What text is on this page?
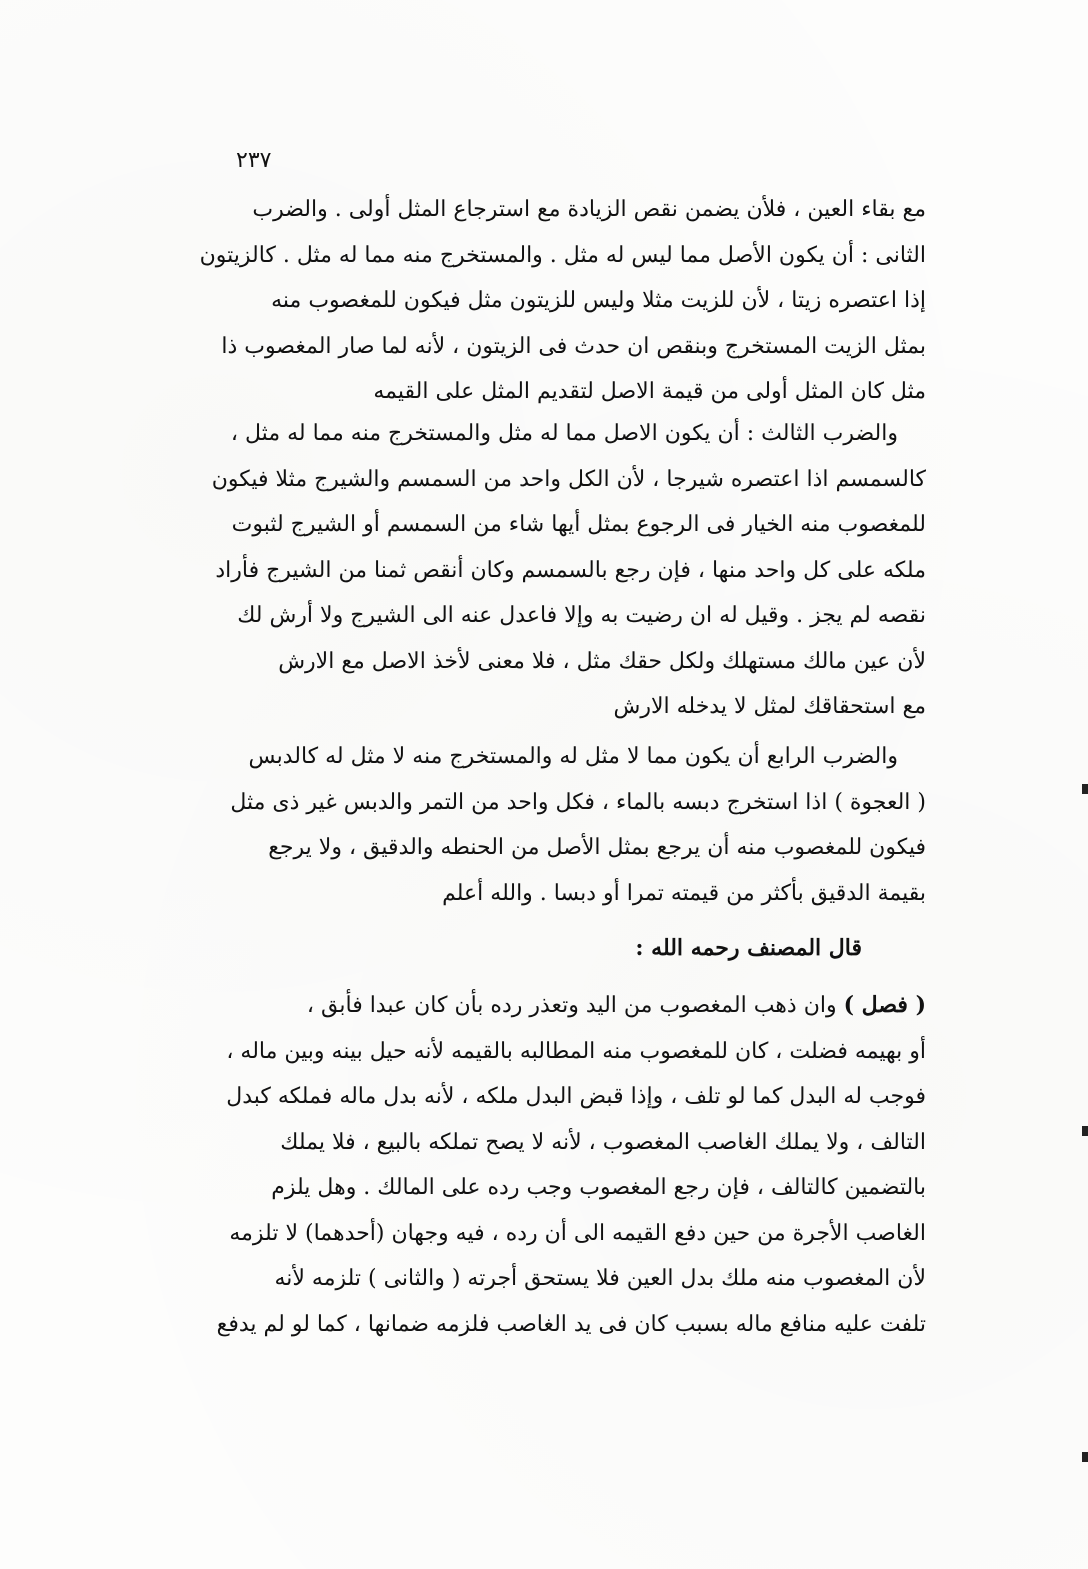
٢٣٧
مع بقاء العين ، فلأن يضمن نقص الزيادة مع استرجاع المثل أولى . والضرب
الثانى : أن يكون الأصل مما ليس له مثل . والمستخرج منه مما له مثل . كالزيتون
إذا اعتصره زيتا ، لأن للزيت مثلا وليس للزيتون مثل فيكون للمغصوب منه
بمثل الزيت المستخرج وبنقص ان حدث فى الزيتون ، لأنه لما صار المغصوب ذا
مثل كان المثل أولى من قيمة الاصل لتقديم المثل على القيمه
والضرب الثالث : أن يكون الاصل مما له مثل والمستخرج منه مما له مثل ،
كالسمسم اذا اعتصره شيرجا ، لأن الكل واحد من السمسم والشيرج مثلا فيكون
للمغصوب منه الخيار فى الرجوع بمثل أيها شاء من السمسم أو الشيرج لثبوت
ملكه على كل واحد منها ، فإن رجع بالسمسم وكان أنقص ثمنا من الشيرج فأراد
نقصه لم يجز . وقيل له ان رضيت به وإلا فاعدل عنه الى الشيرج ولا أرش لك
لأن عين مالك مستهلك ولكل حقك مثل ، فلا معنى لأخذ الاصل مع الارش
مع استحقاقك لمثل لا يدخله الارش
والضرب الرابع أن يكون مما لا مثل له والمستخرج منه لا مثل له كالدبس
( العجوة ) اذا استخرج دبسه بالماء ، فكل واحد من التمر والدبس غير ذى مثل
فيكون للمغصوب منه أن يرجع بمثل الأصل من الحنطه والدقيق ، ولا يرجع
بقيمة الدقيق بأكثر من قيمته تمرا أو دبسا . والله أعلم
قال المصنف رحمه الله :
( فصل ) وان ذهب المغصوب من اليد وتعذر رده بأن كان عبدا فأبق ،
أو بهيمه فضلت ، كان للمغصوب منه المطالبه بالقيمه لأنه حيل بينه وبين ماله ،
فوجب له البدل كما لو تلف ، وإذا قبض البدل ملكه ، لأنه بدل ماله فملكه كبدل
التالف ، ولا يملك الغاصب المغصوب ، لأنه لا يصح تملكه بالبيع ، فلا يملك
بالتضمين كالتالف ، فإن رجع المغصوب وجب رده على المالك . وهل يلزم
الغاصب الأجرة من حين دفع القيمه الى أن رده ، فيه وجهان (أحدهما) لا تلزمه
لأن المغصوب منه ملك بدل العين فلا يستحق أجرته ( والثانى ) تلزمه لأنه
تلفت عليه منافع ماله بسبب كان فى يد الغاصب فلزمه ضمانها ، كما لو لم يدفع
